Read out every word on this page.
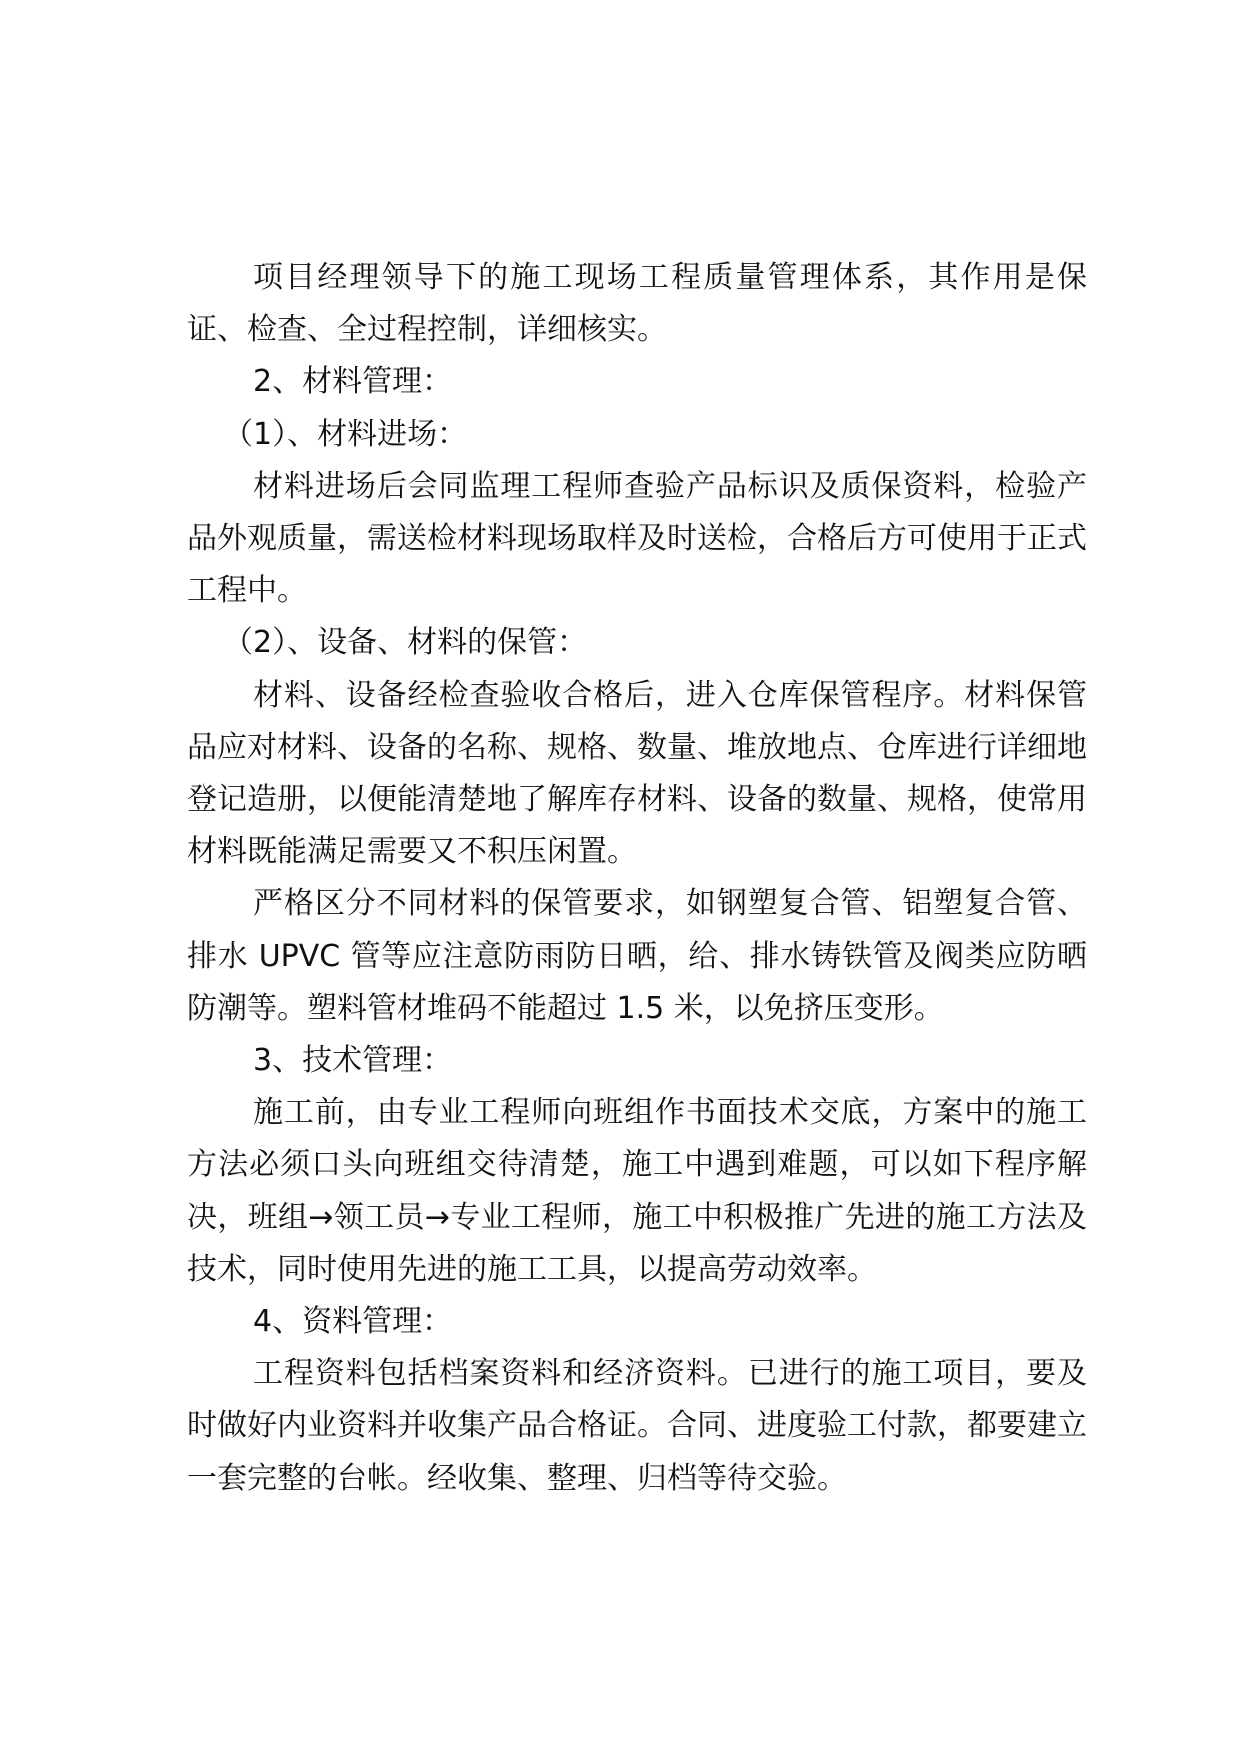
项目经理领导下的施工现场工程质量管理体系，其作用是保证、检查、全过程控制，详细核实。

2、材料管理：

（1）、材料进场：

材料进场后会同监理工程师查验产品标识及质保资料，检验产品外观质量，需送检材料现场取样及时送检，合格后方可使用于正式工程中。

（2）、设备、材料的保管：

材料、设备经检查验收合格后，进入仓库保管程序。材料保管品应对材料、设备的名称、规格、数量、堆放地点、仓库进行详细地登记造册，以便能清楚地了解库存材料、设备的数量、规格，使常用材料既能满足需要又不积压闲置。

严格区分不同材料的保管要求，如钢塑复合管、铝塑复合管、排水 UPVC 管等应注意防雨防日晒，给、排水铸铁管及阀类应防晒防潮等。塑料管材堆码不能超过 1.5 米，以免挤压变形。

3、技术管理：

施工前，由专业工程师向班组作书面技术交底，方案中的施工方法必须口头向班组交待清楚，施工中遇到难题，可以如下程序解决，班组→领工员→专业工程师，施工中积极推广先进的施工方法及技术，同时使用先进的施工工具，以提高劳动效率。

4、资料管理：

工程资料包括档案资料和经济资料。已进行的施工项目，要及时做好内业资料并收集产品合格证。合同、进度验工付款，都要建立一套完整的台帐。经收集、整理、归档等待交验。
